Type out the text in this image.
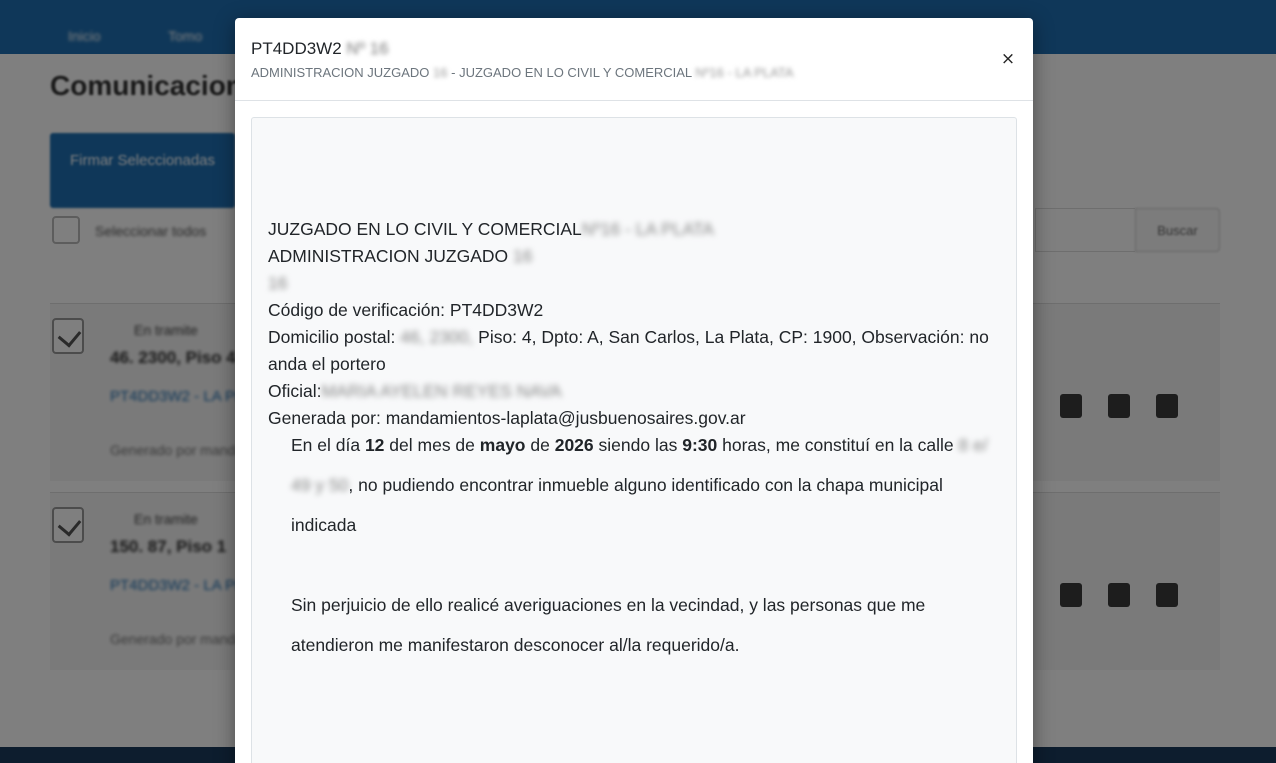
PT4DD3W2 Nº 16
ADMINISTRACION JUZGADO 16 - JUZGADO EN LO CIVIL Y COMERCIAL Nº16 - LA PLATA
×
JUZGADO EN LO CIVIL Y COMERCIALNº16 - LA PLATA
ADMINISTRACION JUZGADO 16
16
Código de verificación: PT4DD3W2
Domicilio postal: 46, 2300, Piso: 4, Dpto: A, San Carlos, La Plata, CP: 1900, Observación: no anda el portero
Oficial:MARIA AYELEN REYES NAVA
Generada por: mandamientos-laplata@jusbuenosaires.gov.ar

En el día 12 del mes de mayo de 2026 siendo las 9:30 horas, me constituí en la calle 8 e/ 49 y 50, no pudiendo encontrar inmueble alguno identificado con la chapa municipal indicada

Sin perjuicio de ello realicé averiguaciones en la vecindad, y las personas que me atendieron me manifestaron desconocer al/la requerido/a.
